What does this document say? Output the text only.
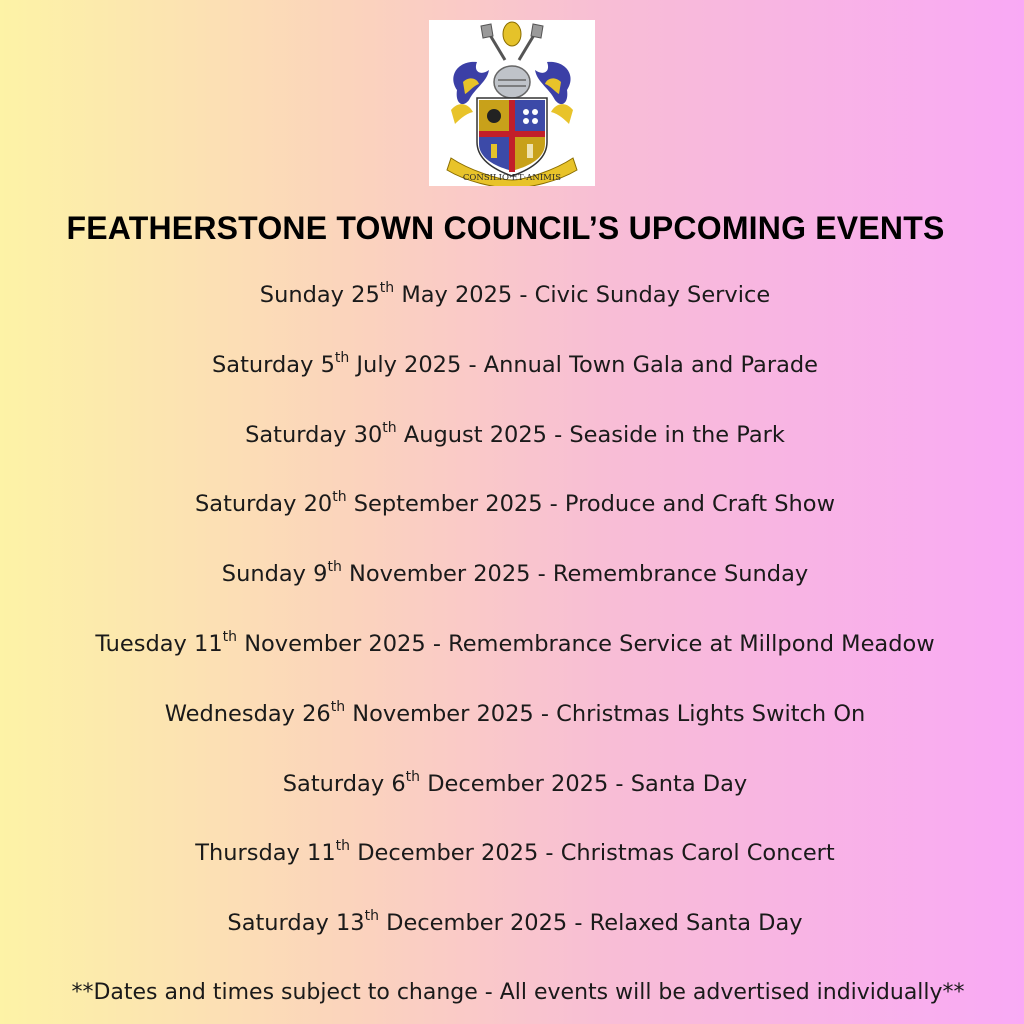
CONSILIO·ET·ANIMIS
FEATHERSTONE TOWN COUNCIL’S UPCOMING EVENTS
Sunday 25th May 2025 - Civic Sunday Service
Saturday 5th July 2025 - Annual Town Gala and Parade
Saturday 30th August 2025 - Seaside in the Park
Saturday 20th September 2025 - Produce and Craft Show
Sunday 9th November 2025 - Remembrance Sunday
Tuesday 11th November 2025 - Remembrance Service at Millpond Meadow
Wednesday 26th November 2025 - Christmas Lights Switch On
Saturday 6th December 2025 - Santa Day
Thursday 11th December 2025 - Christmas Carol Concert
Saturday 13th December 2025 - Relaxed Santa Day
**Dates and times subject to change - All events will be advertised individually**
